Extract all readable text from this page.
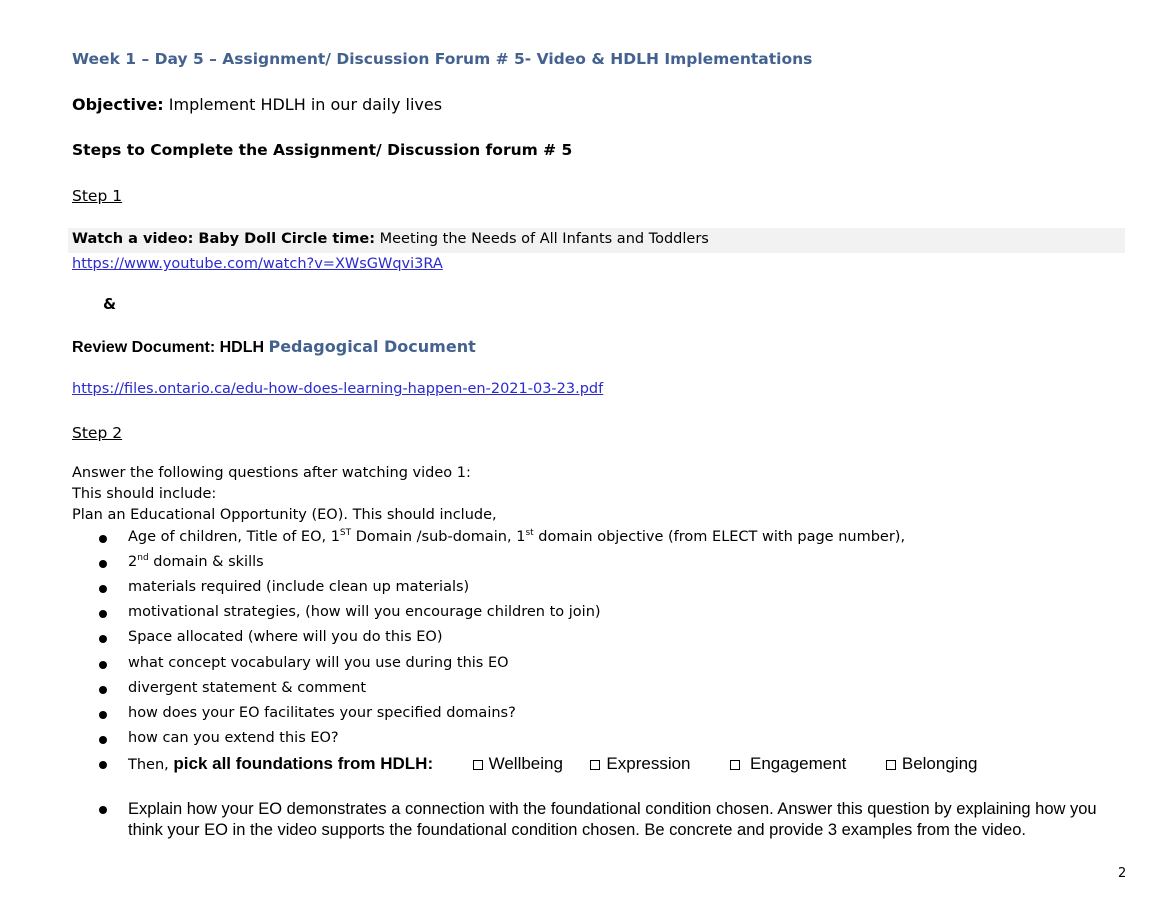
Week 1 – Day 5 – Assignment/ Discussion Forum # 5- Video & HDLH Implementations
Objective: Implement HDLH in our daily lives
Steps to Complete the Assignment/ Discussion forum # 5
Step 1
Watch a video: Baby Doll Circle time: Meeting the Needs of All Infants and Toddlers
https://www.youtube.com/watch?v=XWsGWqvi3RA
&
Review Document: HDLH Pedagogical Document
https://files.ontario.ca/edu-how-does-learning-happen-en-2021-03-23.pdf
Step 2
Answer the following questions after watching video 1:
This should include:
Plan an Educational Opportunity (EO). This should include,
Age of children, Title of EO, 1ST Domain /sub-domain, 1st domain objective (from ELECT with page number),
2nd domain & skills
materials required (include clean up materials)
motivational strategies, (how will you encourage children to join)
Space allocated (where will you do this EO)
what concept vocabulary will you use during this EO
divergent statement & comment
how does your EO facilitates your specified domains?
how can you extend this EO?
Then, pick all foundations from HDLH:	Wellbeing	Expression	Engagement	Belonging
Explain how your EO demonstrates a connection with the foundational condition chosen. Answer this question by explaining how you think your EO in the video supports the foundational condition chosen. Be concrete and provide 3 examples from the video.
2
